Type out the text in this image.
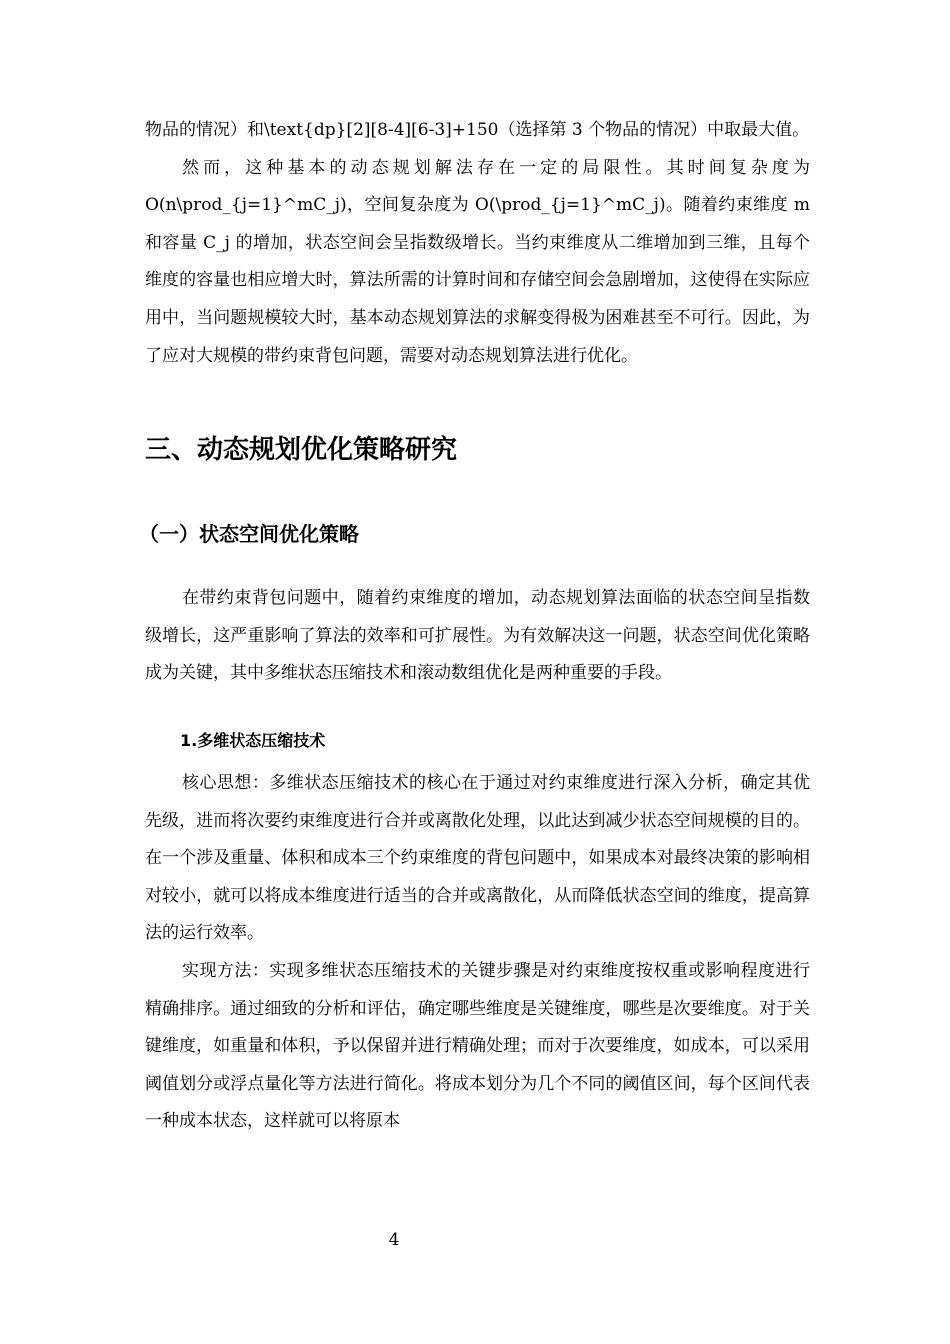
物品的情况）和\text{dp}[2][8-4][6-3]+150（选择第 3 个物品的情况）中取最大值。

然而，这种基本的动态规划解法存在一定的局限性。其时间复杂度为 O(n\prod_{j=1}^mC_j)，空间复杂度为 O(\prod_{j=1}^mC_j)。随着约束维度 m 和容量 C_j 的增加，状态空间会呈指数级增长。当约束维度从二维增加到三维，且每个维度的容量也相应增大时，算法所需的计算时间和存储空间会急剧增加，这使得在实际应用中，当问题规模较大时，基本动态规划算法的求解变得极为困难甚至不可行。因此，为了应对大规模的带约束背包问题，需要对动态规划算法进行优化。

三、动态规划优化策略研究
（一）状态空间优化策略

在带约束背包问题中，随着约束维度的增加，动态规划算法面临的状态空间呈指数级增长，这严重影响了算法的效率和可扩展性。为有效解决这一问题，状态空间优化策略成为关键，其中多维状态压缩技术和滚动数组优化是两种重要的手段。

1.多维状态压缩技术

核心思想：多维状态压缩技术的核心在于通过对约束维度进行深入分析，确定其优先级，进而将次要约束维度进行合并或离散化处理，以此达到减少状态空间规模的目的。在一个涉及重量、体积和成本三个约束维度的背包问题中，如果成本对最终决策的影响相对较小，就可以将成本维度进行适当的合并或离散化，从而降低状态空间的维度，提高算法的运行效率。

实现方法：实现多维状态压缩技术的关键步骤是对约束维度按权重或影响程度进行精确排序。通过细致的分析和评估，确定哪些维度是关键维度，哪些是次要维度。对于关键维度，如重量和体积，予以保留并进行精确处理；而对于次要维度，如成本，可以采用阈值划分或浮点量化等方法进行简化。将成本划分为几个不同的阈值区间，每个区间代表一种成本状态，这样就可以将原本

4
